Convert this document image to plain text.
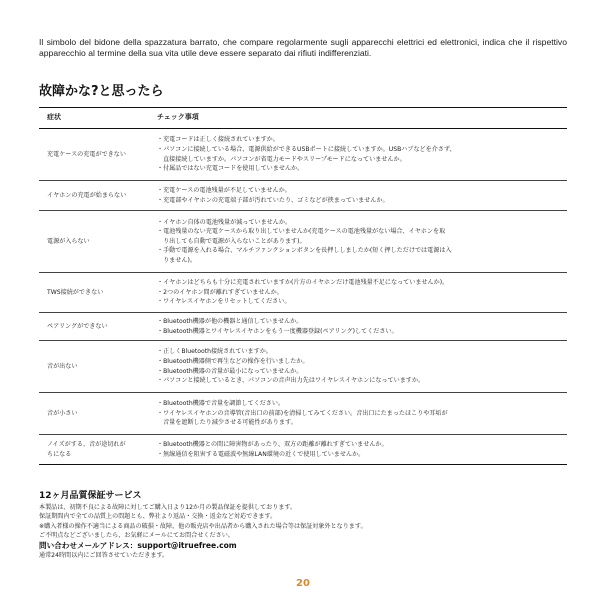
Il simbolo del bidone della spazzatura barrato, che compare regolarmente sugli apparecchi elettrici ed elettronici, indica che il rispettivo apparecchio al termine della sua vita utile deve essere separato dai rifiuti indifferenziati.

故障かな?と思ったら
症状	チェック事項
充電ケースの充電ができない	・充電コードは正しく接続されていますか。
・パソコンに接続している場合、電源供給ができるUSBポートに接続していますか。USBハブなどを介さず、
　直接接続していますか。パソコンが省電力モードやスリープモードになっていませんか。
・付属品ではない充電コードを使用していませんか。

イヤホンの充電が始まらない	・充電ケースの電池残量が不足していませんか。
・充電部やイヤホンの充電端子部が汚れていたり、ゴミなどが挟まっていませんか。

電源が入らない	・イヤホン自体の電池残量が減っていませんか。
・電池残量のない充電ケースから取り出していませんか(充電ケースの電池残量がない場合、イヤホンを取
　り出しても自動で電源が入らないことがあります)。
・手動で電源を入れる場合、マルチファンクションボタンを長押ししましたか(短く押しただけでは電源は入
　りません)。

TWS接続ができない	・イヤホンはどちらも十分に充電されていますか(片方のイヤホンだけ電池残量不足になっていませんか)。
・2つのイヤホン間が離れすぎていませんか。
・ワイヤレスイヤホンをリセットしてください。

ペアリングができない	・Bluetooth機器が他の機器と通信していませんか。
・Bluetooth機器とワイヤレスイヤホンをもう一度機器登録(ペアリング)してください。

音が出ない	・正しくBluetooth接続されていますか。
・Bluetooth機器側で再生などの操作を行いましたか。
・Bluetooth機器の音量が最小になっていませんか。
・パソコンと接続しているとき、パソコンの音声出力先はワイヤレスイヤホンになっていますか。

音が小さい	・Bluetooth機器で音量を調節してください。
・ワイヤレスイヤホンの音導管(音出口の前部)を清掃してみてください。音出口にたまったほこりや耳垢が
　音量を遮断したり減少させる可能性があります。

ノイズがする、音が途切れが
ちになる	・Bluetooth機器との間に障害物があったり、双方の距離が離れすぎていませんか。
・無線通信を阻害する電磁波や無線LAN環境の近くで使用していませんか。
12ヶ月品質保証サービス
本製品は、初期不良による故障に対してご購入日より12か月の製品保証を提供しております。
保証期間内で全ての品質上の問題とも、弊社より返品・交換・返金など対応できます。
※購入者様の操作不適当による商品の破損・故障、他の販売店や出品者から購入された場合等は保証対象外となります。
ご不明点などございましたら、お気軽にメールにてお問合せください。
問い合わせメールアドレス：support@itruefree.com
通常24時間以内にご回答させていただきます。
20
